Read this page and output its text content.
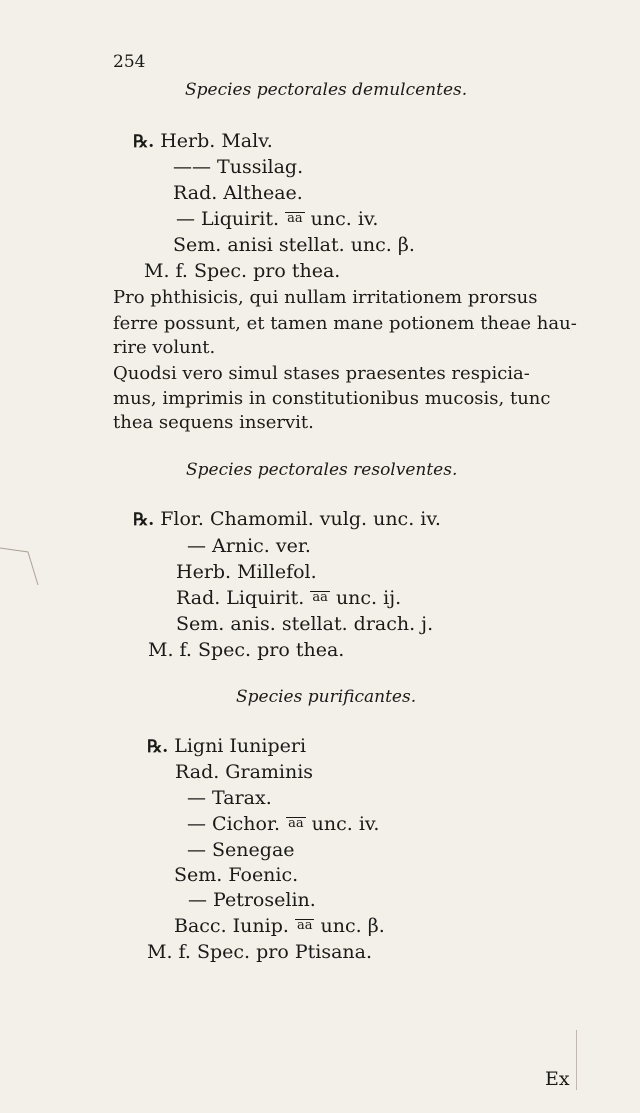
254
Species pectorales demulcentes.
℞. Herb. Malv.
—— Tussilag.
Rad. Altheae.
— Liquirit. aa unc. iv.
Sem. anisi stellat. unc. β.
M. f. Spec. pro thea.
Pro phthisicis, qui nullam irritationem prorsus
ferre possunt, et tamen mane potionem theae hau-
rire volunt.
Quodsi vero simul stases praesentes respicia-
mus, imprimis in constitutionibus mucosis, tunc
thea sequens inservit.
Species pectorales resolventes.
℞. Flor. Chamomil. vulg. unc. iv.
— Arnic. ver.
Herb. Millefol.
Rad. Liquirit. aa unc. ij.
Sem. anis. stellat. drach. j.
M. f. Spec. pro thea.
Species purificantes.
℞. Ligni Iuniperi
Rad. Graminis
— Tarax.
— Cichor. aa unc. iv.
— Senegae
Sem. Foenic.
— Petroselin.
Bacc. Iunip. aa unc. β.
M. f. Spec. pro Ptisana.
Ex
